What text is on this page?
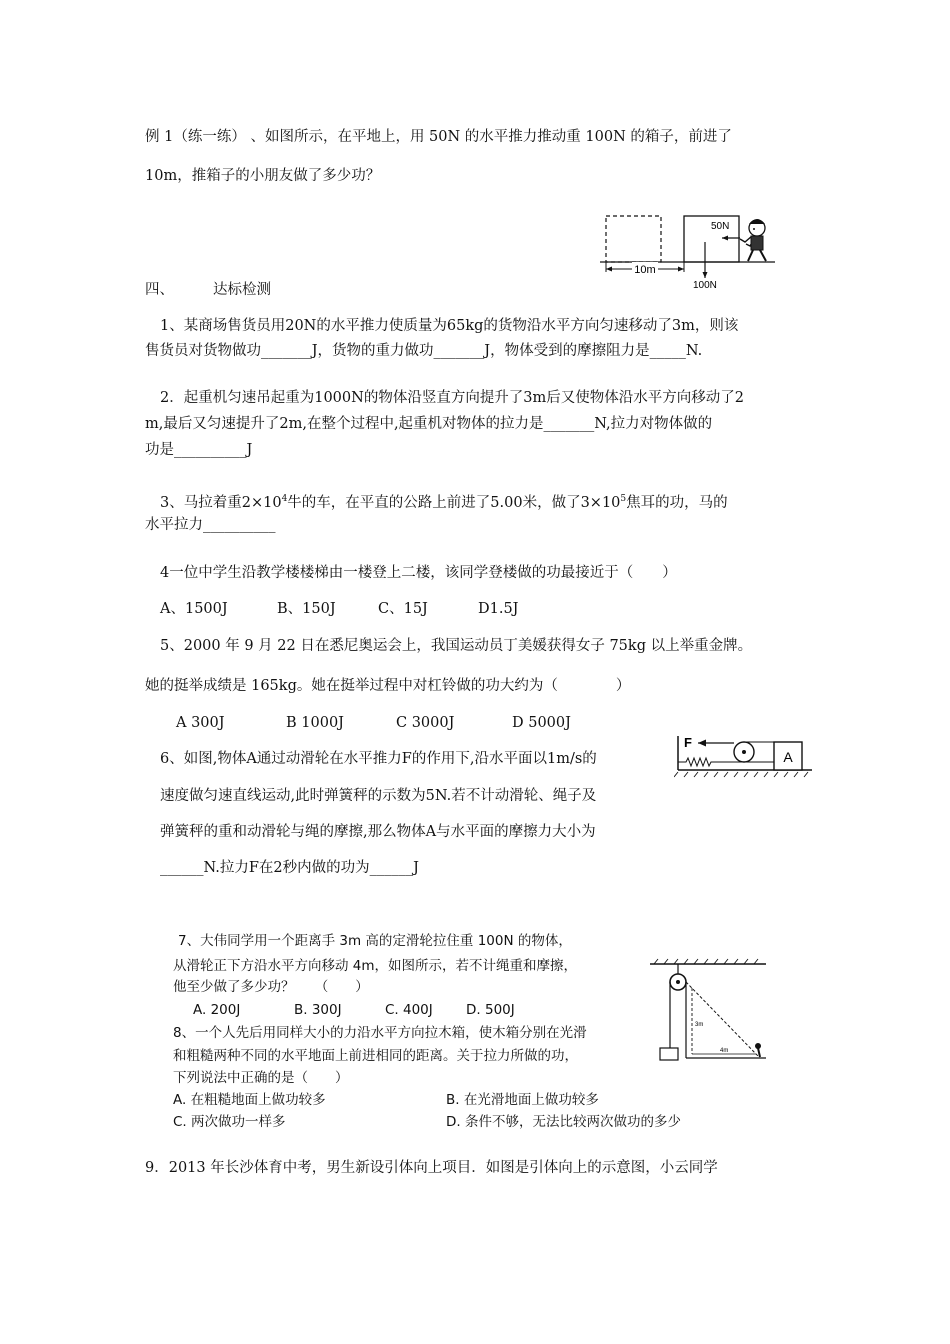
例 1（练一练） 、如图所示，在平地上，用 50N 的水平推力推动重 100N 的箱子，前进了
10m，推箱子的小朋友做了多少功？
10m
50N
100N
四、	达标检测
1、某商场售货员用20N的水平推力使质量为65kg的货物沿水平方向匀速移动了3m，则该
售货员对货物做功_______J，货物的重力做功_______J，物体受到的摩擦阻力是_____N.
2．起重机匀速吊起重为1000N的物体沿竖直方向提升了3m后又使物体沿水平方向移动了2
m,最后又匀速提升了2m,在整个过程中,起重机对物体的拉力是_______N,拉力对物体做的
功是__________J
3、马拉着重$2\times 10^4$牛的车，在平直的公路上前进了5.00米，做了$3\times 10^5$焦耳的功，马的
水平拉力__________
4一位中学生沿教学楼楼梯由一楼登上二楼，该同学登楼做的功最接近于（　　）
A、1500J	B、150J	C、15J	D1.5J
5、2000 年 9 月 22 日在悉尼奥运会上，我国运动员丁美媛获得女子 75kg 以上举重金牌。
她的挺举成绩是 165kg。她在挺举过程中对杠铃做的功大约为（　　　　）
A 300J	B 1000J	C 3000J	D 5000J
6、如图,物体A通过动滑轮在水平推力F的作用下,沿水平面以1m/s的
速度做匀速直线运动,此时弹簧秤的示数为5N.若不计动滑轮、绳子及
弹簧秤的重和动滑轮与绳的摩擦,那么物体A与水平面的摩擦力大小为
______N.拉力F在2秒内做的功为______J
F
A
7、大伟同学用一个距离手 3m 高的定滑轮拉住重 100N 的物体，
从滑轮正下方沿水平方向移动 4m，如图所示，若不计绳重和摩擦，
他至少做了多少功？　　（　　）
A. 200J	B. 300J	C. 400J D. 500J
3m
4m
8、一个人先后用同样大小的力沿水平方向拉木箱，使木箱分别在光滑
和粗糙两种不同的水平地面上前进相同的距离。关于拉力所做的功，
下列说法中正确的是（　　）
A. 在粗糙地面上做功较多	B. 在光滑地面上做功较多
C. 两次做功一样多	D. 条件不够，无法比较两次做功的多少
9．2013 年长沙体育中考，男生新设引体向上项目．如图是引体向上的示意图，小云同学
